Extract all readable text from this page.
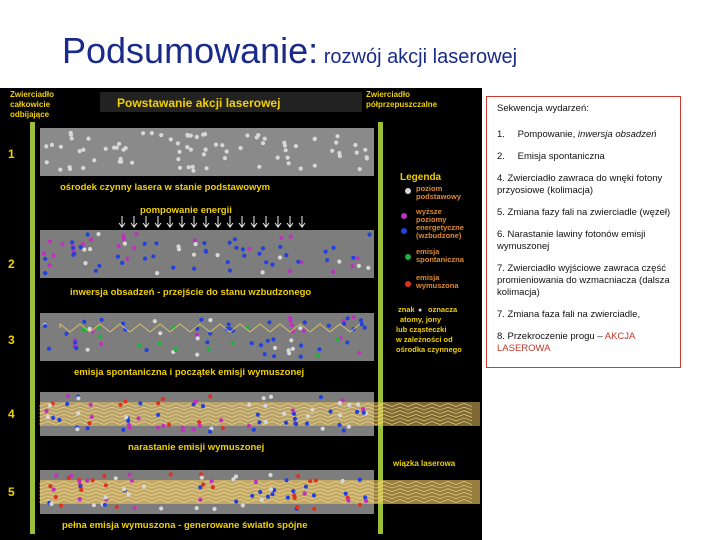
Podsumowanie: rozwój akcji laserowej
Powstawanie akcji laserowej
Zwierciadło
całkowicie
odbijające
Zwierciadło
półprzepuszczalne
1
2
3
4
5
ośrodek czynny lasera w stanie podstawowym
pompowanie energii
inwersja obsadzeń - przejście do stanu wzbudzonego
emisja spontaniczna i początek emisji wymuszonej
narastanie emisji wymuszonej
pełna emisja wymuszona - generowane światło spójne
wiązka laserowa
Legenda
poziom
podstawowy
wyższe
poziomy
energetyczne
(wzbudzone)
emisja
spontaniczna
emisja
wymuszona
znak ● oznacza
atomy, jony
lub cząsteczki
w zależności od
ośrodka czynnego

Sekwencja wydarzeń:

1. Pompowanie, inwersja obsadzeń

2. Emisja spontaniczna

4. Zwierciadło zawraca do wnęki fotony przyosiowe (kolimacja)

5. Zmiana fazy fali na zwierciadle (węzeł)

6. Narastanie lawiny fotonów emisji wymuszonej

7. Zwierciadło wyjściowe zawraca część promieniowania do wzmacniacza (dalsza kolimacja)

7. Zmiana faza fali na zwierciadle,

8. Przekroczenie progu – AKCJA LASEROWA
